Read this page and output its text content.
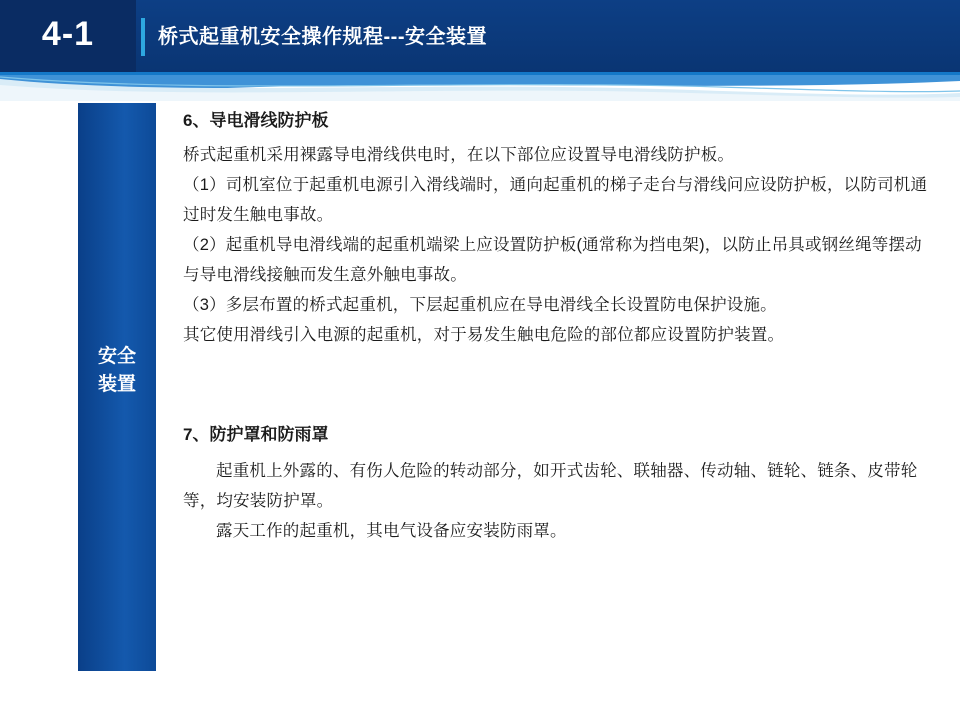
4-1	桥式起重机安全操作规程---安全装置
安全
装置

6、导电滑线防护板

桥式起重机采用裸露导电滑线供电时，在以下部位应设置导电滑线防护板。

（1）司机室位于起重机电源引入滑线端时，通向起重机的梯子走台与滑线问应设防护板，以防司机通过时发生触电事故。

（2）起重机导电滑线端的起重机端梁上应设置防护板(通常称为挡电架)，以防止吊具或钢丝绳等摆动与导电滑线接触而发生意外触电事故。

（3）多层布置的桥式起重机，下层起重机应在导电滑线全长设置防电保护设施。

其它使用滑线引入电源的起重机，对于易发生触电危险的部位都应设置防护装置。

7、防护罩和防雨罩

起重机上外露的、有伤人危险的转动部分，如开式齿轮、联轴器、传动轴、链轮、链条、皮带轮等，均安装防护罩。

露天工作的起重机，其电气设备应安装防雨罩。
